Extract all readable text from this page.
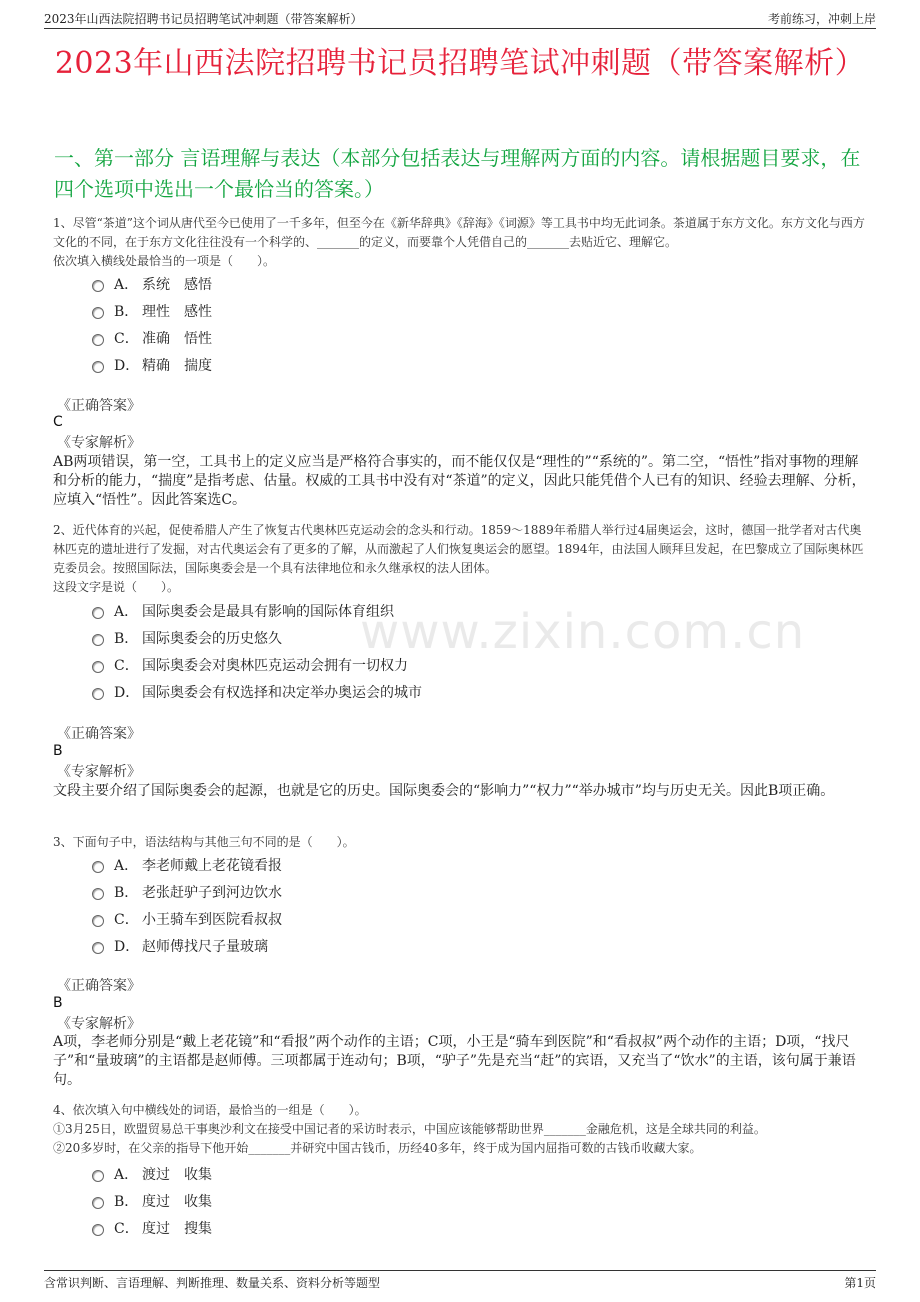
2023年山西法院招聘书记员招聘笔试冲刺题（带答案解析）	考前练习，冲刺上岸
2023年山西法院招聘书记员招聘笔试冲刺题（带答案解析）
一、第一部分 言语理解与表达（本部分包括表达与理解两方面的内容。请根据题目要求，在四个选项中选出一个最恰当的答案。）
www.zixin.com.cn
1、尽管“茶道”这个词从唐代至今已使用了一千多年，但至今在《新华辞典》《辞海》《词源》等工具书中均无此词条。茶道属于东方文化。东方文化与西方文化的不同，在于东方文化往往没有一个科学的、_______的定义，而要靠个人凭借自己的_______去贴近它、理解它。
依次填入横线处最恰当的一项是（　　）。
A． 系统　感悟
B． 理性　感性
C． 准确　悟性
D． 精确　揣度
《正确答案》
C
《专家解析》
AB两项错误，第一空，工具书上的定义应当是严格符合事实的，而不能仅仅是“理性的”“系统的”。第二空，“悟性”指对事物的理解和分析的能力，“揣度”是指考虑、估量。权威的工具书中没有对“茶道”的定义，因此只能凭借个人已有的知识、经验去理解、分析，应填入“悟性”。因此答案选C。
2、近代体育的兴起，促使希腊人产生了恢复古代奥林匹克运动会的念头和行动。1859～1889年希腊人举行过4届奥运会，这时，德国一批学者对古代奥林匹克的遗址进行了发掘，对古代奥运会有了更多的了解，从而激起了人们恢复奥运会的愿望。1894年，由法国人顾拜旦发起，在巴黎成立了国际奥林匹克委员会。按照国际法，国际奥委会是一个具有法律地位和永久继承权的法人团体。
这段文字是说（　　）。
A． 国际奥委会是最具有影响的国际体育组织
B． 国际奥委会的历史悠久
C． 国际奥委会对奥林匹克运动会拥有一切权力
D． 国际奥委会有权选择和决定举办奥运会的城市
《正确答案》
B
《专家解析》
文段主要介绍了国际奥委会的起源，也就是它的历史。国际奥委会的“影响力”“权力”“举办城市”均与历史无关。因此B项正确。
3、下面句子中，语法结构与其他三句不同的是（　　）。
A． 李老师戴上老花镜看报
B． 老张赶驴子到河边饮水
C． 小王骑车到医院看叔叔
D． 赵师傅找尺子量玻璃
《正确答案》
B
《专家解析》
A项，李老师分别是“戴上老花镜”和“看报”两个动作的主语；C项，小王是“骑车到医院”和“看叔叔”两个动作的主语；D项，“找尺子”和“量玻璃”的主语都是赵师傅。三项都属于连动句；B项，“驴子”先是充当“赶”的宾语，又充当了“饮水”的主语，该句属于兼语句。
4、依次填入句中横线处的词语，最恰当的一组是（　　）。
①3月25日，欧盟贸易总干事奥沙利文在接受中国记者的采访时表示，中国应该能够帮助世界_______金融危机，这是全球共同的利益。
②20多岁时，在父亲的指导下他开始_______并研究中国古钱币，历经40多年，终于成为国内屈指可数的古钱币收藏大家。
A． 渡过　收集
B． 度过　收集
C． 度过　搜集
含常识判断、言语理解、判断推理、数量关系、资料分析等题型	第1页
